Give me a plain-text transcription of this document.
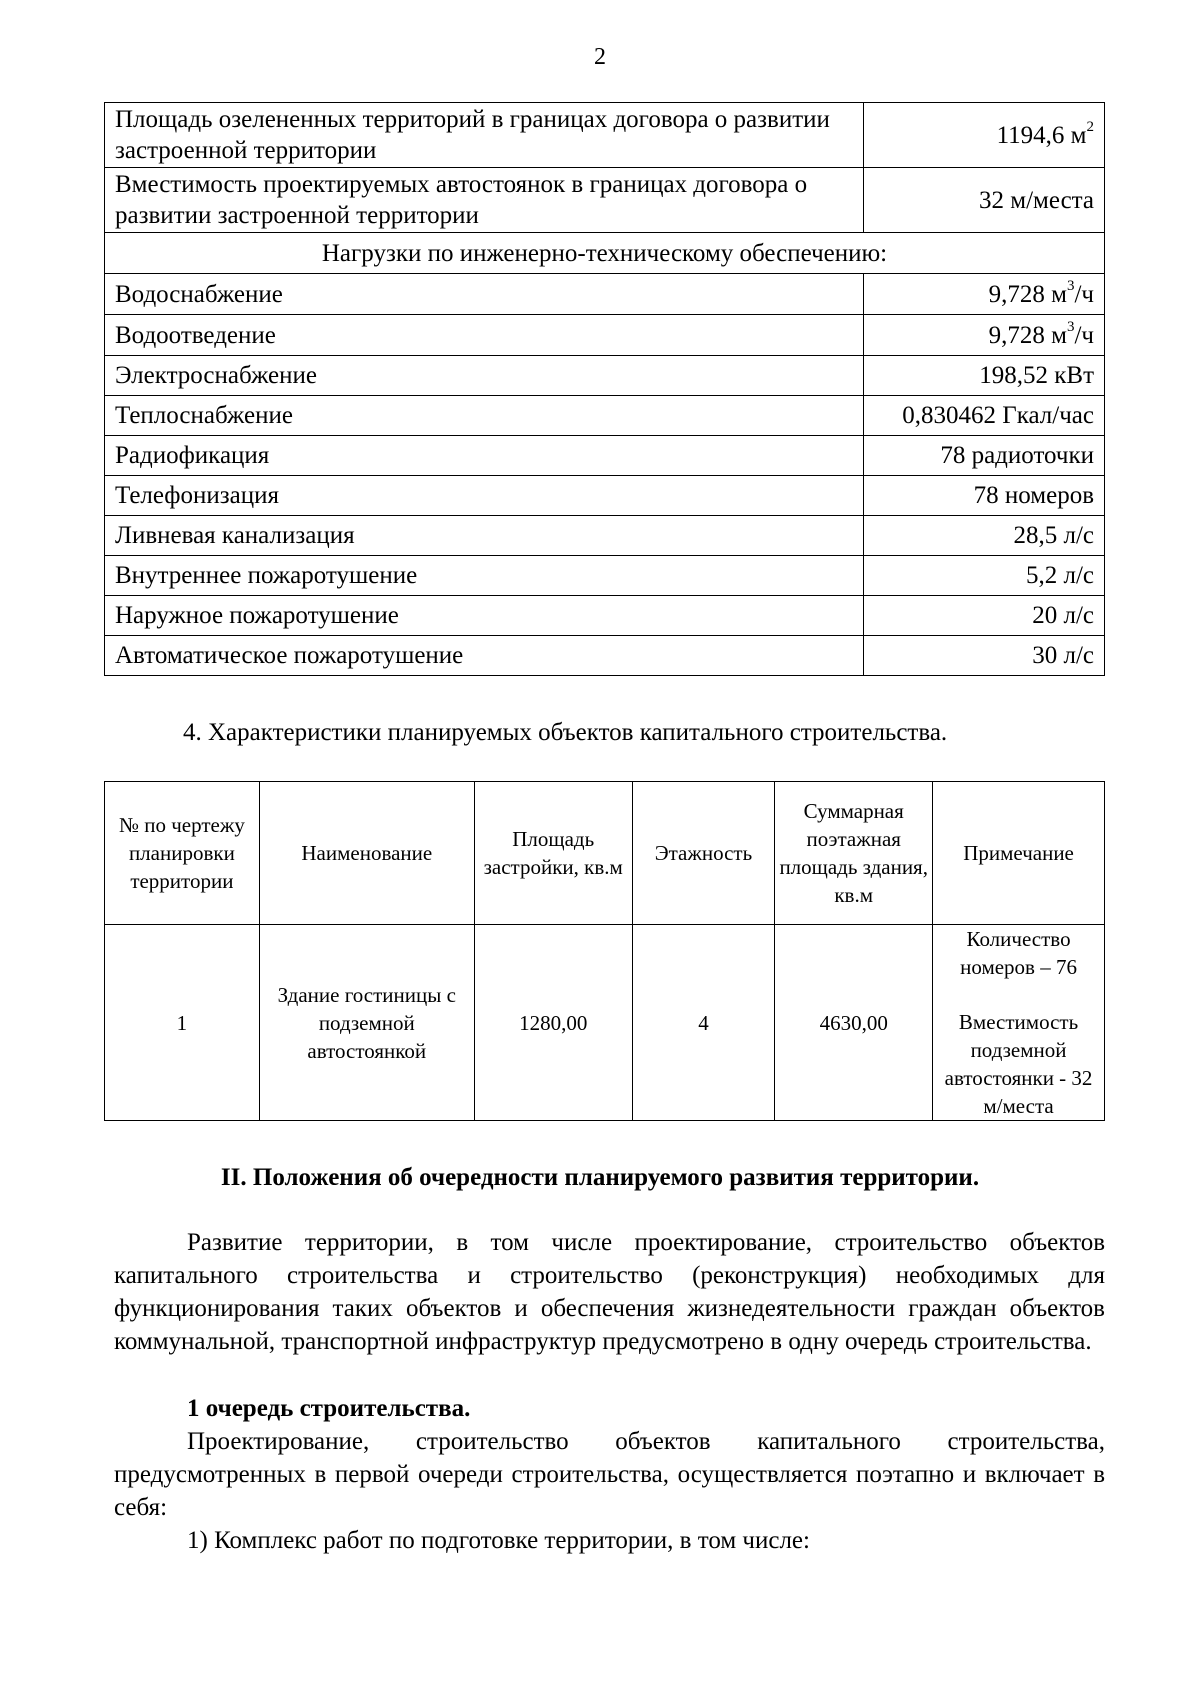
2
Площадь озелененных территорий в границах договора о развитии застроенной территории	1194,6 $м^2$
Вместимость проектируемых автостоянок в границах договора о развитии застроенной территории	32 м/места
Нагрузки по инженерно-техническому обеспечению:	
Водоснабжение	9,728 $м^3/ч$
Водоотведение	9,728 $м^3/ч$
Электроснабжение	198,52 кВт
Теплоснабжение	0,830462 Гкал/час
Радиофикация	78 радиоточки
Телефонизация	78 номеров
Ливневая канализация	28,5 л/с
Внутреннее пожаротушение	5,2 л/с
Наружное пожаротушение	20 л/с
Автоматическое пожаротушение	30 л/с
4. Характеристики планируемых объектов капитального строительства.
№ по чертежу планировки территории	Наименование	Площадь застройки, кв.м	Этажность	Суммарная поэтажная площадь здания, кв.м	Примечание
1	Здание гостиницы с подземной автостоянкой	1280,00	4	4630,00	Количество номеров – 76
Вместимость подземной автостоянки - 32 м/места
II. Положения об очередности планируемого развития территории.

Развитие территории, в том числе проектирование, строительство объектов капитального строительства и строительство (реконструкция) необходимых для функционирования таких объектов и обеспечения жизнедеятельности граждан объектов коммунальной, транспортной инфраструктур предусмотрено в одну очередь строительства.

1 очередь строительства.

Проектирование, строительство объектов капитального строительства, предусмотренных в первой очереди строительства, осуществляется поэтапно и включает в себя:

1) Комплекс работ по подготовке территории, в том числе:
